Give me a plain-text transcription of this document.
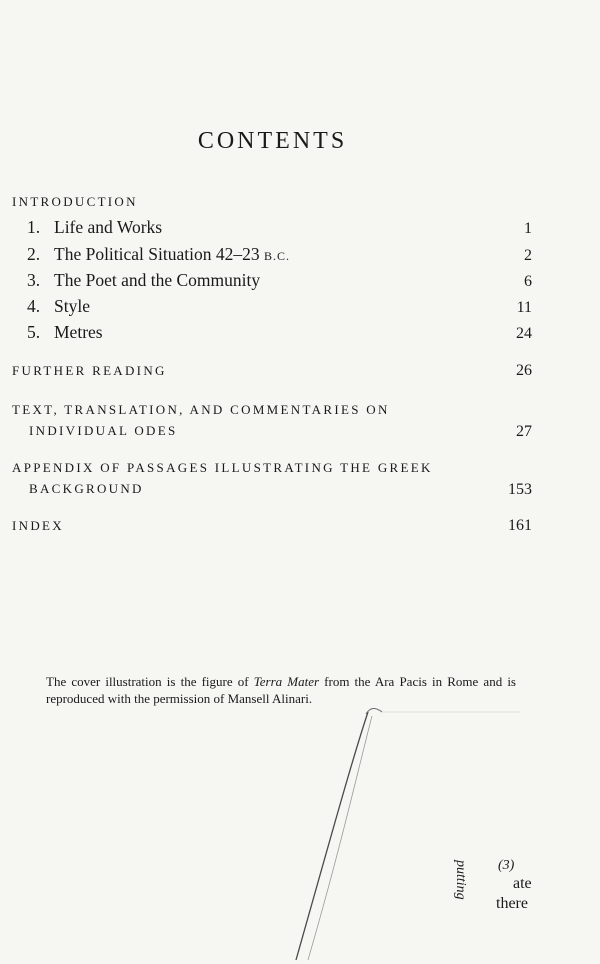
CONTENTS
INTRODUCTION
1. Life and Works	1
2. The Political Situation 42–23 B.C.	2
3. The Poet and the Community	6
4. Style	11
5. Metres	24
FURTHER READING	26
TEXT, TRANSLATION, AND COMMENTARIES ON
INDIVIDUAL ODES	27
APPENDIX OF PASSAGES ILLUSTRATING THE GREEK
BACKGROUND	153
INDEX	161
The cover illustration is the figure of Terra Mater from the Ara Pacis in Rome and is reproduced with the permission of Mansell Alinari.
putting (3)
ate
there
